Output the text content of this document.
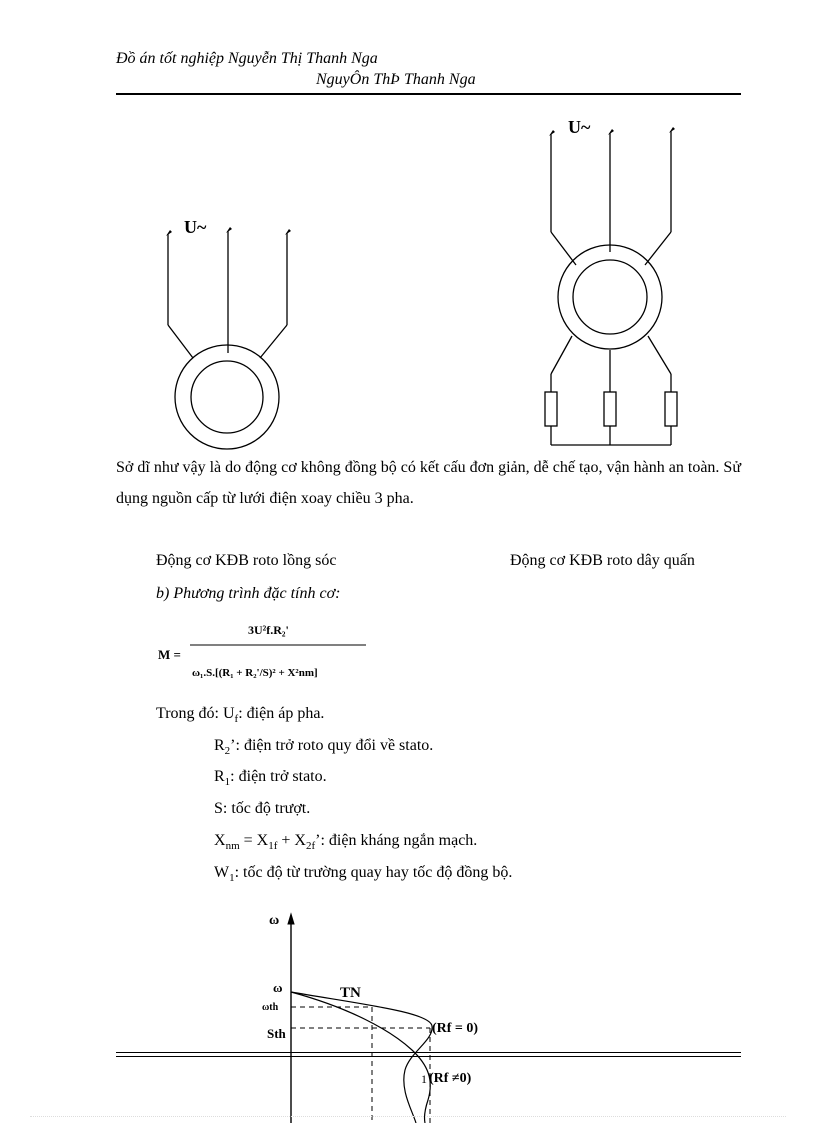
Đồ án tốt nghiệp Nguyễn Thị Thanh Nga
NguyÔn ThÞ Thanh Nga
U~
U~
Sở dĩ như vậy là do động cơ không đồng bộ có kết cấu đơn giản, dễ chế tạo, vận hành an toàn. Sử dụng nguồn cấp từ lưới điện xoay chiều 3 pha.
Động cơ KĐB roto lồng sóc	Động cơ KĐB roto dây quấn
b) Phương trình đặc tính cơ:
M =
3U²f.R₂'
ω₁.S.[(R₁ + R₂'/S)² + X²nm]
Trong đó: $U_f$: điện áp pha.
$R_2$’: điện trở roto quy đổi về stato.
$R_1$: điện trở stato.
S: tốc độ trượt.
$X_{nm} = X_{1f} + X_{2f}$’: điện kháng ngắn mạch.
$W_1$: tốc độ từ trường quay hay tốc độ đồng bộ.
ω
ω
ωth
Sth
TN
(Rf = 0)
1 (Rf ≠0)
